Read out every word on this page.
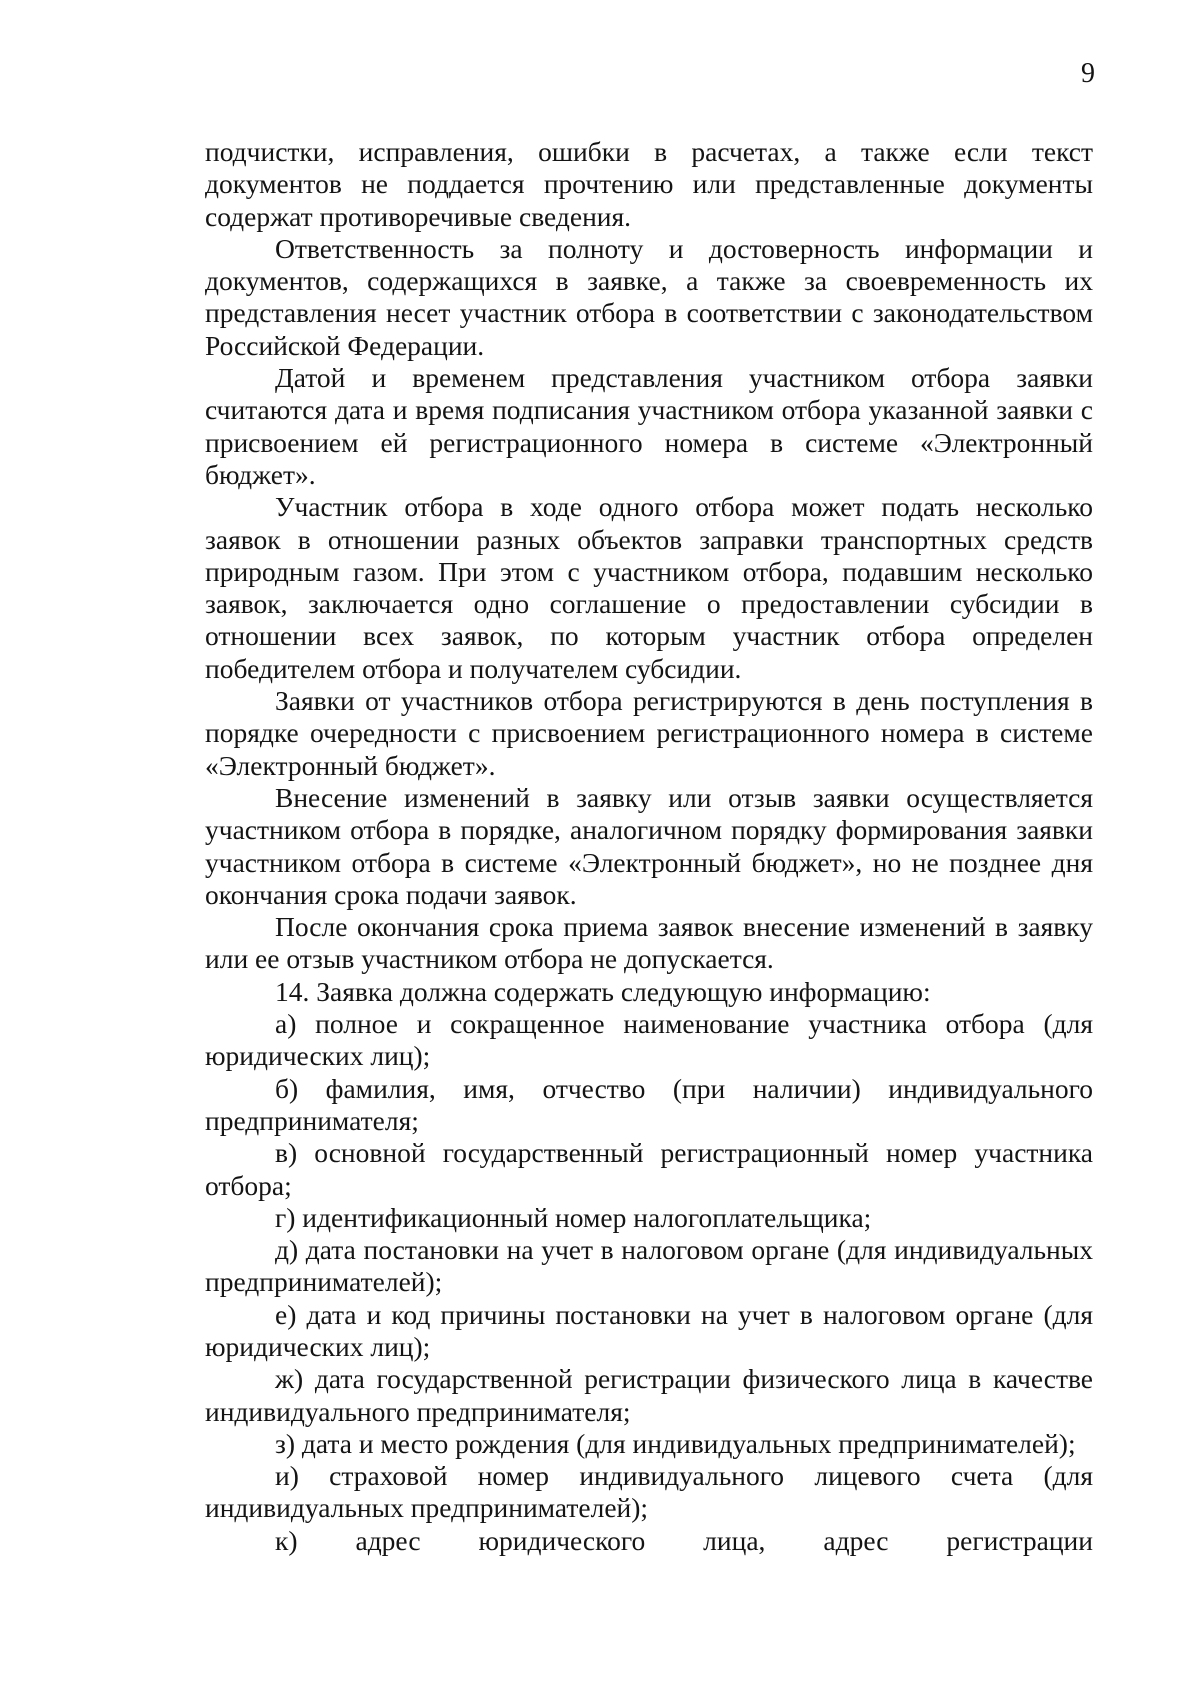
9

подчистки, исправления, ошибки в расчетах, а также если текст документов не поддается прочтению или представленные документы содержат противоречивые сведения.

Ответственность за полноту и достоверность информации и документов, содержащихся в заявке, а также за своевременность их представления несет участник отбора в соответствии с законодательством Российской Федерации.

Датой и временем представления участником отбора заявки считаются дата и время подписания участником отбора указанной заявки с присвоением ей регистрационного номера в системе «Электронный бюджет».

Участник отбора в ходе одного отбора может подать несколько заявок в отношении разных объектов заправки транспортных средств природным газом. При этом с участником отбора, подавшим несколько заявок, заключается одно соглашение о предоставлении субсидии в отношении всех заявок, по которым участник отбора определен победителем отбора и получателем субсидии.

Заявки от участников отбора регистрируются в день поступления в порядке очередности с присвоением регистрационного номера в системе «Электронный бюджет».

Внесение изменений в заявку или отзыв заявки осуществляется участником отбора в порядке, аналогичном порядку формирования заявки участником отбора в системе «Электронный бюджет», но не позднее дня окончания срока подачи заявок.

После окончания срока приема заявок внесение изменений в заявку или ее отзыв участником отбора не допускается.

14. Заявка должна содержать следующую информацию:

а) полное и сокращенное наименование участника отбора (для юридических лиц);

б) фамилия, имя, отчество (при наличии) индивидуального предпринимателя;

в) основной государственный регистрационный номер участника отбора;

г) идентификационный номер налогоплательщика;

д) дата постановки на учет в налоговом органе (для индивидуальных предпринимателей);

е) дата и код причины постановки на учет в налоговом органе (для юридических лиц);

ж) дата государственной регистрации физического лица в качестве индивидуального предпринимателя;

з) дата и место рождения (для индивидуальных предпринимателей);

и) страховой номер индивидуального лицевого счета (для индивидуальных предпринимателей);

к) адрес юридического лица, адрес регистрации
